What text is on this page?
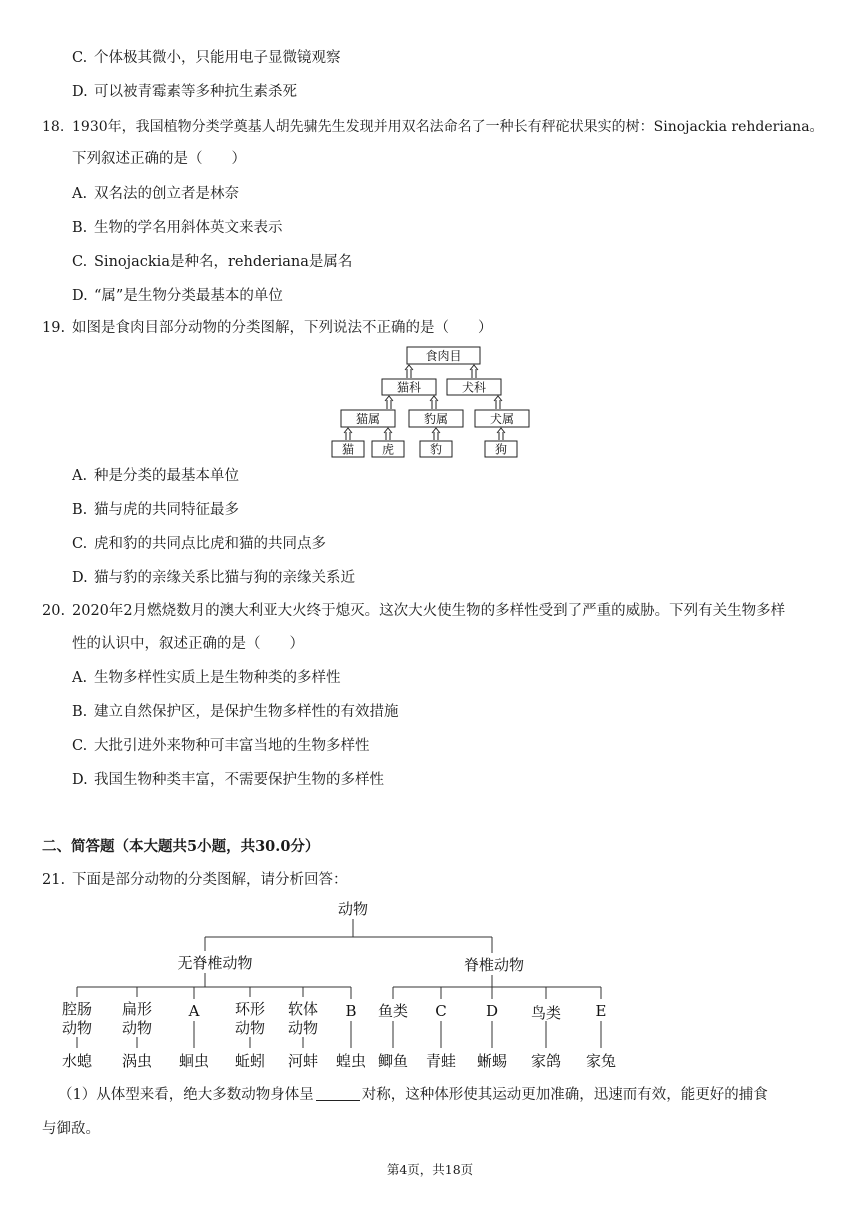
C. 个体极其微小，只能用电子显微镜观察
D. 可以被青霉素等多种抗生素杀死
18. 1930年，我国植物分类学奠基人胡先骕先生发现并用双名法命名了一种长有秤砣状果实的树：Sinojackia rehderiana。
下列叙述正确的是（　　）
A. 双名法的创立者是林奈
B. 生物的学名用斜体英文来表示
C. Sinojackia是种名，rehderiana是属名
D. “属”是生物分类最基本的单位
19. 如图是食肉目部分动物的分类图解，下列说法不正确的是（　　）
食肉目
猫科	犬科
猫属	豹属	犬属
猫 虎	豹	狗
A. 种是分类的最基本单位
B. 猫与虎的共同特征最多
C. 虎和豹的共同点比虎和猫的共同点多
D. 猫与豹的亲缘关系比猫与狗的亲缘关系近
20. 2020年2月燃烧数月的澳大利亚大火终于熄灭。这次大火使生物的多样性受到了严重的威胁。下列有关生物多样
性的认识中，叙述正确的是（　　）
A. 生物多样性实质上是生物种类的多样性
B. 建立自然保护区，是保护生物多样性的有效措施
C. 大批引进外来物种可丰富当地的生物多样性
D. 我国生物种类丰富，不需要保护生物的多样性
二、简答题（本大题共5小题，共30.0分）
21. 下面是部分动物的分类图解，请分析回答：
动物
无脊椎动物	脊椎动物
腔肠
动物
扁形
动物
A 环形
动物
软体
动物
B 鱼类 C	D 鸟类 E
水螅 涡虫 蛔虫 蚯蚓 河蚌 蝗虫 鲫鱼 青蛙 蜥蜴 家鸽 家兔
（1）从体型来看，绝大多数动物身体呈	对称，这种体形使其运动更加准确，迅速而有效，能更好的捕食
与御敌。
第4页，共18页
